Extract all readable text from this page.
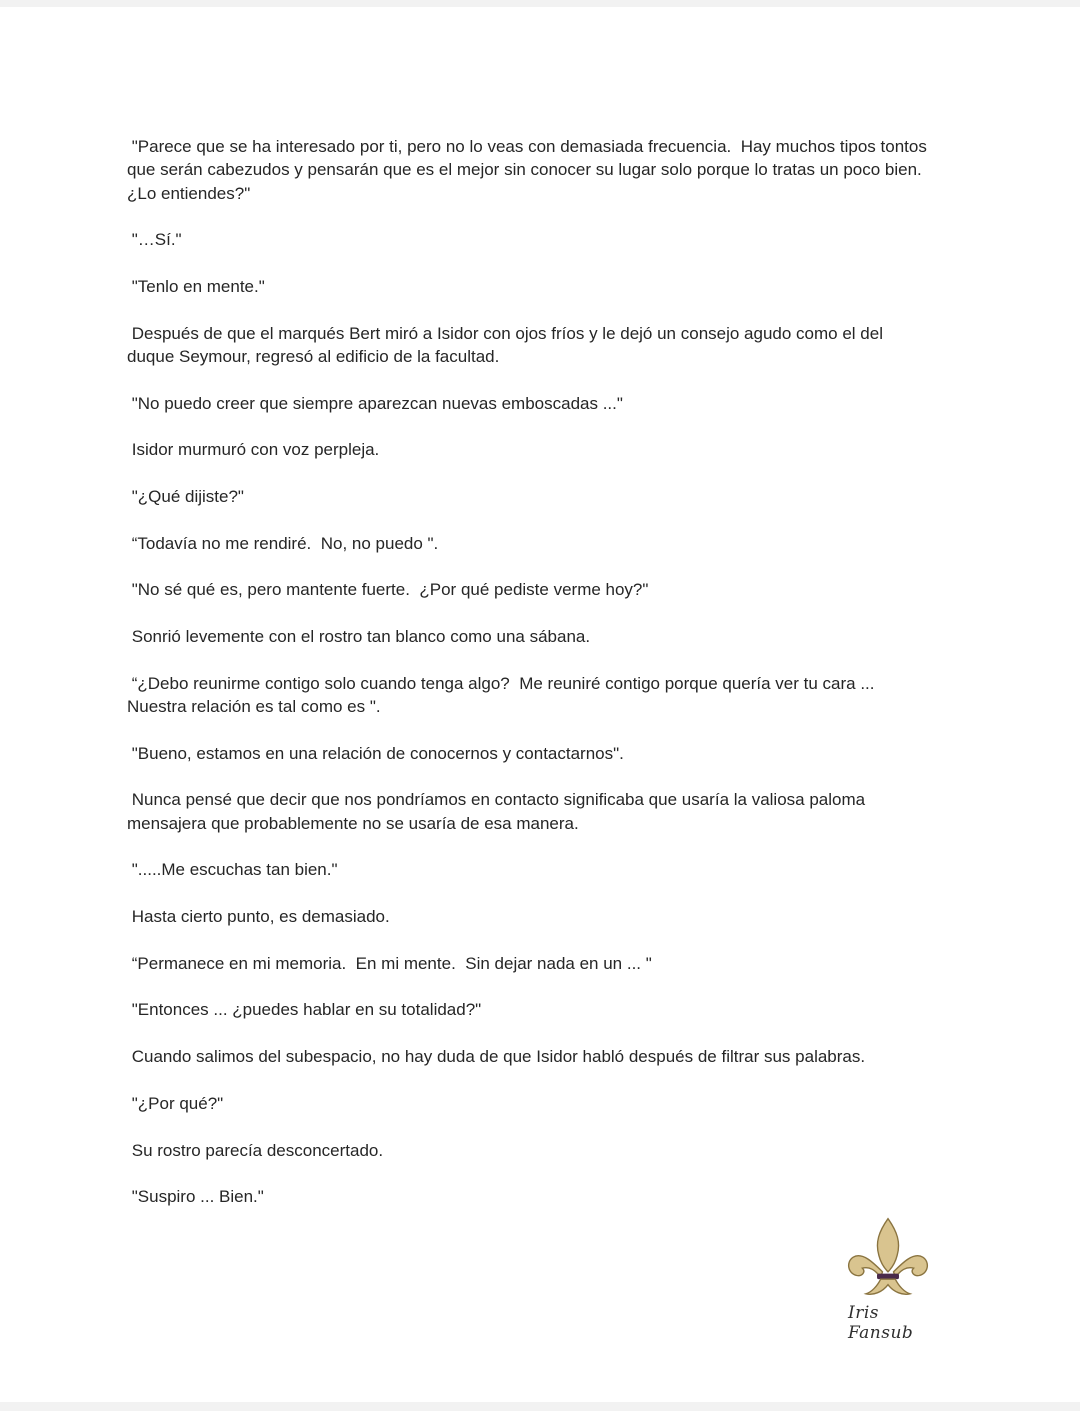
"Parece que se ha interesado por ti, pero no lo veas con demasiada frecuencia.  Hay muchos tipos tontos que serán cabezudos y pensarán que es el mejor sin conocer su lugar solo porque lo tratas un poco bien.  ¿Lo entiendes?"

"…Sí."

"Tenlo en mente."

Después de que el marqués Bert miró a Isidor con ojos fríos y le dejó un consejo agudo como el del duque Seymour, regresó al edificio de la facultad.

"No puedo creer que siempre aparezcan nuevas emboscadas ..."

Isidor murmuró con voz perpleja.

"¿Qué dijiste?"

“Todavía no me rendiré.  No, no puedo ".

"No sé qué es, pero mantente fuerte.  ¿Por qué pediste verme hoy?"

Sonrió levemente con el rostro tan blanco como una sábana.

“¿Debo reunirme contigo solo cuando tenga algo?  Me reuniré contigo porque quería ver tu cara ... Nuestra relación es tal como es ".

"Bueno, estamos en una relación de conocernos y contactarnos".

Nunca pensé que decir que nos pondríamos en contacto significaba que usaría la valiosa paloma mensajera que probablemente no se usaría de esa manera.

".....Me escuchas tan bien."

Hasta cierto punto, es demasiado.

“Permanece en mi memoria.  En mi mente.  Sin dejar nada en un ... "

"Entonces ... ¿puedes hablar en su totalidad?"

Cuando salimos del subespacio, no hay duda de que Isidor habló después de filtrar sus palabras.

"¿Por qué?"

Su rostro parecía desconcertado.

"Suspiro ... Bien."

Iris Fansub
